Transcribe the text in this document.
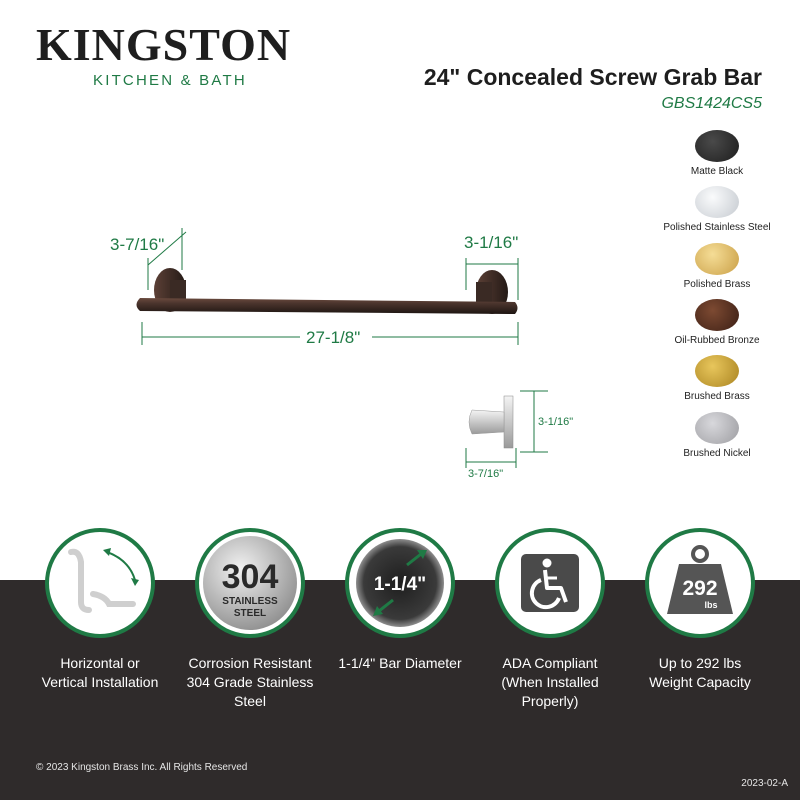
KINGSTON
KITCHEN & BATH	24" Concealed Screw Grab Bar
GBS1424CS5
3-7/16"	3-1/16"
27-1/8"
3-1/16"
3-7/16"
Matte Black
Polished Stainless Steel
Polished Brass
Oil-Rubbed Bronze
Brushed Brass
Brushed Nickel
Horizontal or
Vertical Installation
304
STAINLESS
STEEL
Corrosion Resistant
304 Grade Stainless
Steel
1-1/4"
1-1/4" Bar Diameter	ADA Compliant
(When Installed
Properly)
292
lbs
Up to 292 lbs
Weight Capacity
© 2023 Kingston Brass Inc. All Rights Reserved
2023-02-A
